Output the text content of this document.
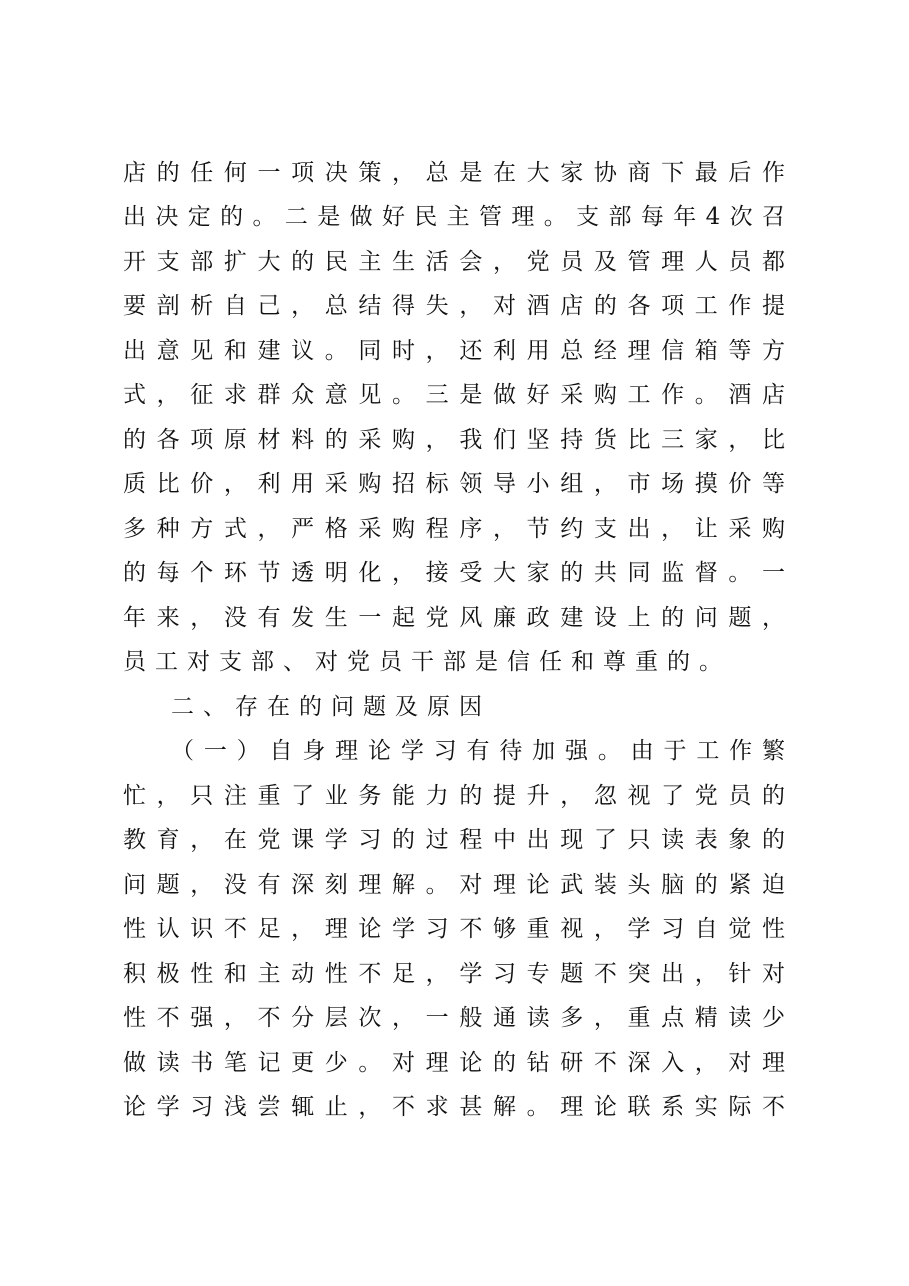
店的任何一项决策，总是在大家协商下最后作
出决定的。二是做好民主管理。支部每年4次召
开支部扩大的民主生活会，党员及管理人员都
要剖析自己，总结得失，对酒店的各项工作提
出意见和建议。同时，还利用总经理信箱等方
式，征求群众意见。三是做好采购工作。酒店
的各项原材料的采购，我们坚持货比三家，比
质比价，利用采购招标领导小组，市场摸价等
多种方式，严格采购程序，节约支出，让采购
的每个环节透明化，接受大家的共同监督。一
年来，没有发生一起党风廉政建设上的问题，
员工对支部、对党员干部是信任和尊重的。
二、存在的问题及原因
（一）自身理论学习有待加强。由于工作繁
忙，只注重了业务能力的提升，忽视了党员的
教育，在党课学习的过程中出现了只读表象的
问题，没有深刻理解。对理论武装头脑的紧迫
性认识不足，理论学习不够重视，学习自觉性
积极性和主动性不足，学习专题不突出，针对
性不强，不分层次，一般通读多，重点精读少
做读书笔记更少。对理论的钻研不深入，对理
论学习浅尝辄止，不求甚解。理论联系实际不
